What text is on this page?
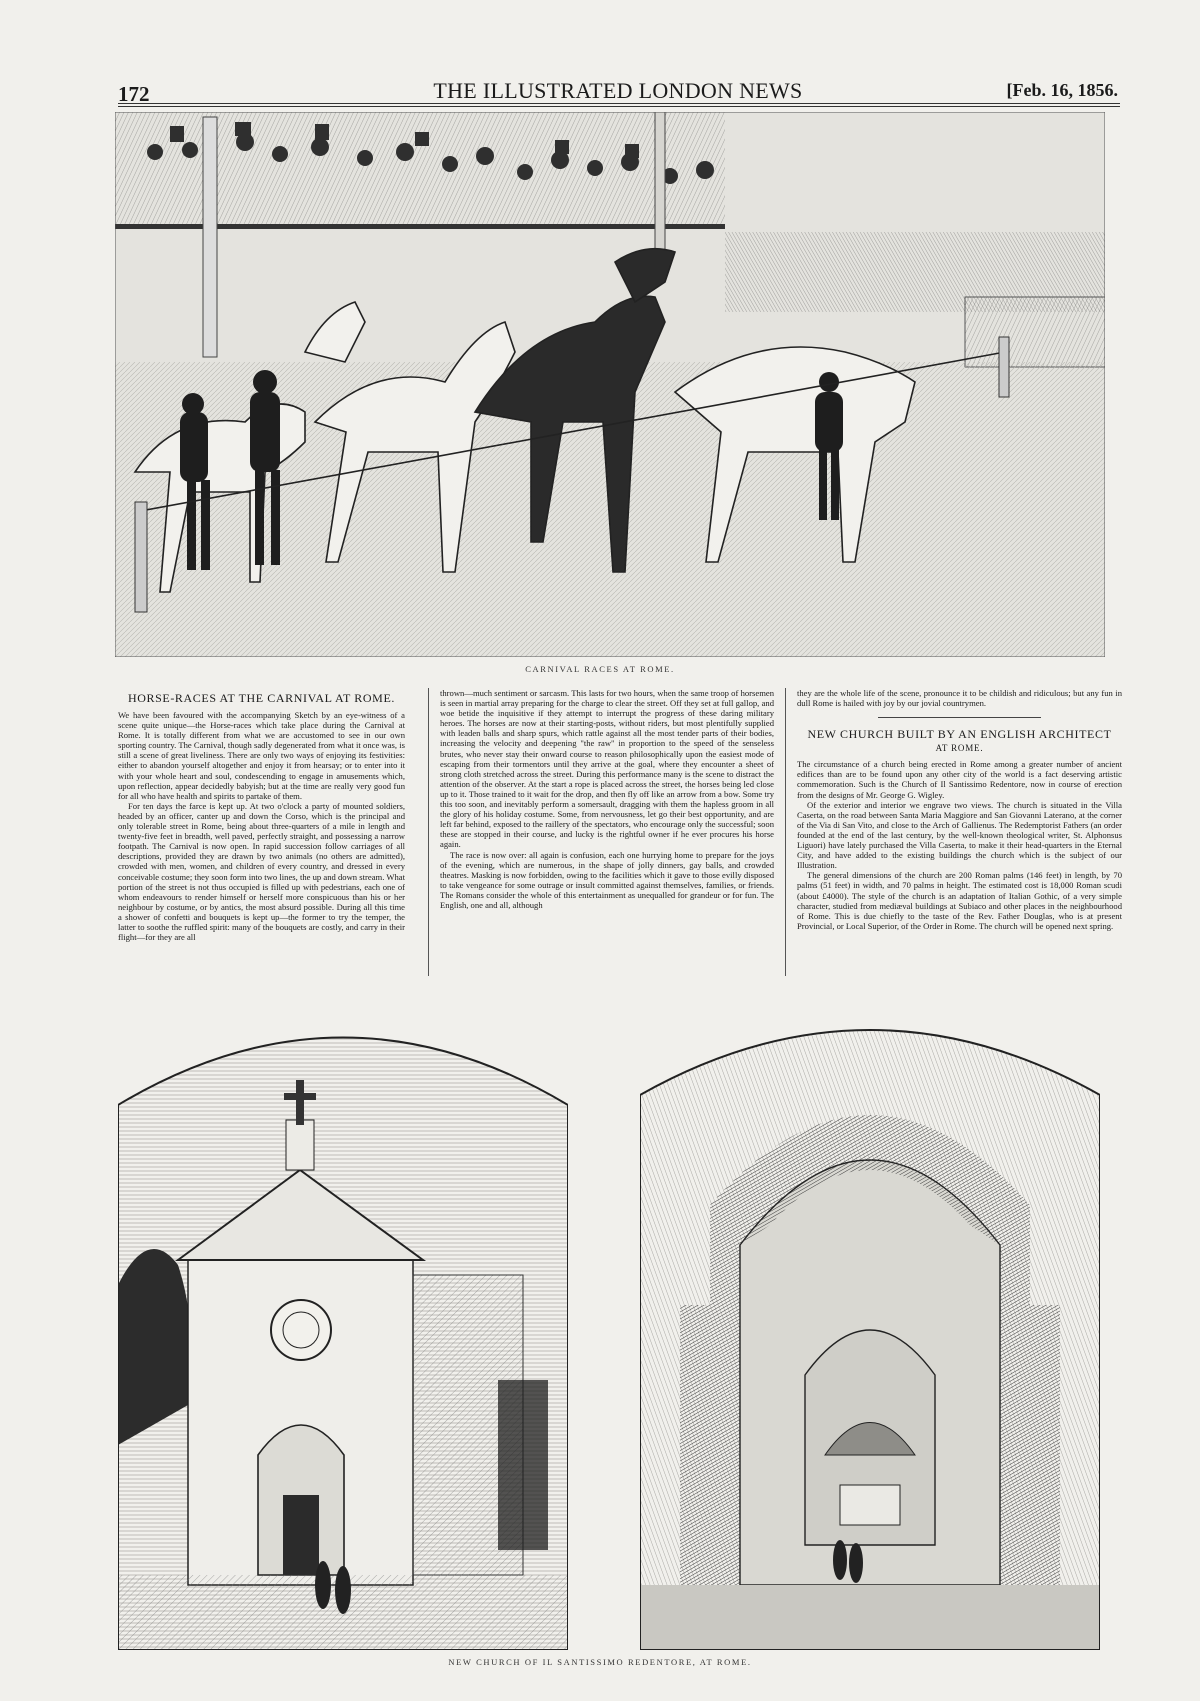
172	THE ILLUSTRATED LONDON NEWS	[Feb. 16, 1856.
CARNIVAL RACES AT ROME.
HORSE-RACES AT THE CARNIVAL AT ROME.

We have been favoured with the accompanying Sketch by an eye-witness of a scene quite unique—the Horse-races which take place during the Carnival at Rome. It is totally different from what we are accustomed to see in our own sporting country. The Carnival, though sadly degenerated from what it once was, is still a scene of great liveliness. There are only two ways of enjoying its festivities: either to abandon yourself altogether and enjoy it from hearsay; or to enter into it with your whole heart and soul, condescending to engage in amusements which, upon reflection, appear decidedly babyish; but at the time are really very good fun for all who have health and spirits to partake of them.

For ten days the farce is kept up. At two o'clock a party of mounted soldiers, headed by an officer, canter up and down the Corso, which is the principal and only tolerable street in Rome, being about three-quarters of a mile in length and twenty-five feet in breadth, well paved, perfectly straight, and possessing a narrow footpath. The Carnival is now open. In rapid succession follow carriages of all descriptions, provided they are drawn by two animals (no others are admitted), crowded with men, women, and children of every country, and dressed in every conceivable costume; they soon form into two lines, the up and down stream. What portion of the street is not thus occupied is filled up with pedestrians, each one of whom endeavours to render himself or herself more conspicuous than his or her neighbour by costume, or by antics, the most absurd possible. During all this time a shower of confetti and bouquets is kept up—the former to try the temper, the latter to soothe the ruffled spirit: many of the bouquets are costly, and carry in their flight—for they are all

thrown—much sentiment or sarcasm. This lasts for two hours, when the same troop of horsemen is seen in martial array preparing for the charge to clear the street. Off they set at full gallop, and woe betide the inquisitive if they attempt to interrupt the progress of these daring military heroes. The horses are now at their starting-posts, without riders, but most plentifully supplied with leaden balls and sharp spurs, which rattle against all the most tender parts of their bodies, increasing the velocity and deepening "the raw" in proportion to the speed of the senseless brutes, who never stay their onward course to reason philosophically upon the easiest mode of escaping from their tormentors until they arrive at the goal, where they encounter a sheet of strong cloth stretched across the street. During this performance many is the scene to distract the attention of the observer. At the start a rope is placed across the street, the horses being led close up to it. Those trained to it wait for the drop, and then fly off like an arrow from a bow. Some try this too soon, and inevitably perform a somersault, dragging with them the hapless groom in all the glory of his holiday costume. Some, from nervousness, let go their best opportunity, and are left far behind, exposed to the raillery of the spectators, who encourage only the successful; soon these are stopped in their course, and lucky is the rightful owner if he ever procures his horse again.

The race is now over: all again is confusion, each one hurrying home to prepare for the joys of the evening, which are numerous, in the shape of jolly dinners, gay balls, and crowded theatres. Masking is now forbidden, owing to the facilities which it gave to those evilly disposed to take vengeance for some outrage or insult committed against themselves, families, or friends. The Romans consider the whole of this entertainment as unequalled for grandeur or for fun. The English, one and all, although

they are the whole life of the scene, pronounce it to be childish and ridiculous; but any fun in dull Rome is hailed with joy by our jovial countrymen.

NEW CHURCH BUILT BY AN ENGLISH ARCHITECT
AT ROME.

The circumstance of a church being erected in Rome among a greater number of ancient edifices than are to be found upon any other city of the world is a fact deserving artistic commemoration. Such is the Church of Il Santissimo Redentore, now in course of erection from the designs of Mr. George G. Wigley.

Of the exterior and interior we engrave two views. The church is situated in the Villa Caserta, on the road between Santa Maria Maggiore and San Giovanni Laterano, at the corner of the Via di San Vito, and close to the Arch of Gallienus. The Redemptorist Fathers (an order founded at the end of the last century, by the well-known theological writer, St. Alphonsus Liguori) have lately purchased the Villa Caserta, to make it their head-quarters in the Eternal City, and have added to the existing buildings the church which is the subject of our Illustration.

The general dimensions of the church are 200 Roman palms (146 feet) in length, by 70 palms (51 feet) in width, and 70 palms in height. The estimated cost is 18,000 Roman scudi (about £4000). The style of the church is an adaptation of Italian Gothic, of a very simple character, studied from mediæval buildings at Subiaco and other places in the neighbourhood of Rome. This is due chiefly to the taste of the Rev. Father Douglas, who is at present Provincial, or Local Superior, of the Order in Rome. The church will be opened next spring.

NEW CHURCH OF IL SANTISSIMO REDENTORE, AT ROME.
